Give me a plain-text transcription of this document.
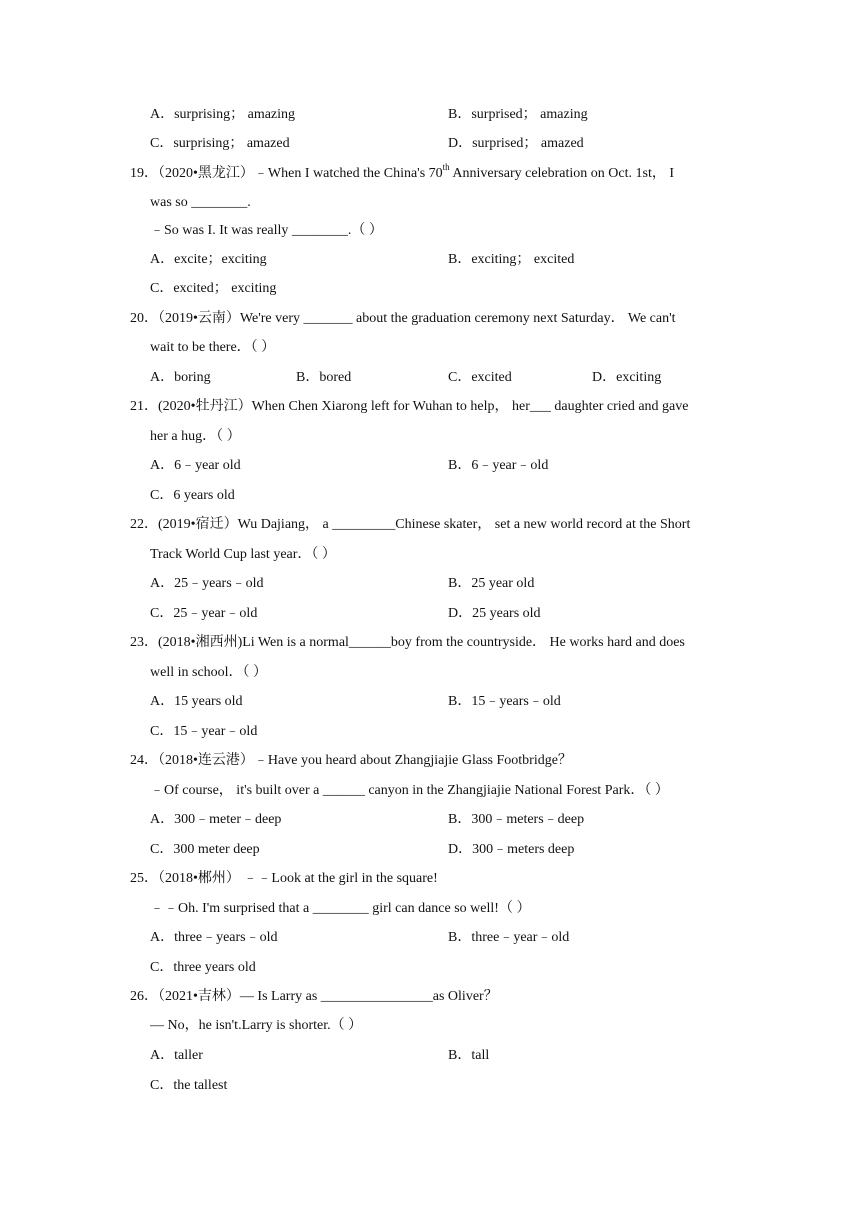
A．surprising； amazing	B．surprised； amazing
C．surprising； amazed	D．surprised； amazed
19．（2020•黑龙江）﹣When I watched the China's 70th Anniversary celebration on Oct. 1st， I
was so ________.
﹣So was I. It was really ________.（ ）
A．excite；exciting	B．exciting； excited
C．excited； exciting
20．（2019•云南）We're very _______ about the graduation ceremony next Saturday． We can't
wait to be there．（ ）
A．boring	B．bored	C．excited	D．exciting
21．(2020•牡丹江）When Chen Xiarong left for Wuhan to help， her___ daughter cried and gave
her a hug．（ ）
A．6﹣year old	B．6﹣year﹣old
C．6 years old
22．(2019•宿迁）Wu Dajiang， a _________Chinese skater， set a new world record at the Short
Track World Cup last year．（ ）
A．25﹣years﹣old	B．25 year old
C．25﹣year﹣old	D．25 years old
23．(2018•湘西州)Li Wen is a normal______boy from the countryside． He works hard and does
well in school．（ ）
A．15 years old	B．15﹣years﹣old
C．15﹣year﹣old
24．（2018•连云港）﹣Have you heard about Zhangjiajie Glass Footbridge？
﹣Of course， it's built over a ______ canyon in the Zhangjiajie National Forest Park．（ ）
A．300﹣meter﹣deep	B．300﹣meters﹣deep
C．300 meter deep	D．300﹣meters deep
25．（2018•郴州） ﹣﹣Look at the girl in the square!
﹣﹣Oh. I'm surprised that a ________ girl can dance so well!（ ）
A．three﹣years﹣old	B．three﹣year﹣old
C．three years old
26．（2021•吉林）— Is Larry as ________________as Oliver？
— No，he isn't.Larry is shorter.（ ）
A．taller	B．tall
C．the tallest
